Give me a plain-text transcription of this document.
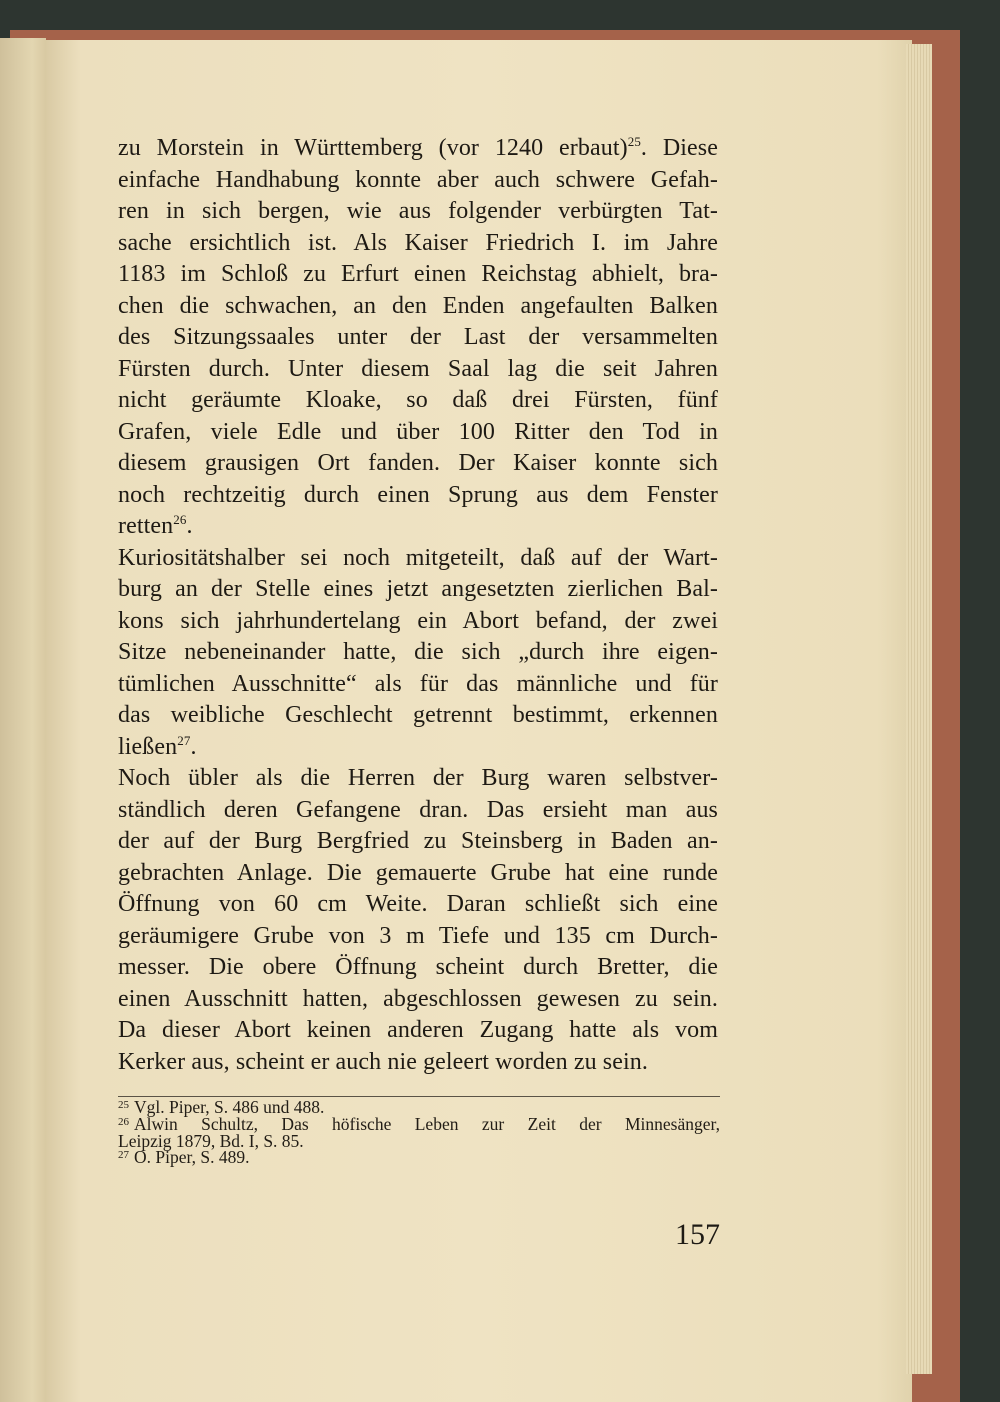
zu Morstein in Württemberg (vor 1240 erbaut)$^{25}$. Diese
einfache Handhabung konnte aber auch schwere Gefah-
ren in sich bergen, wie aus folgender verbürgten Tat-
sache ersichtlich ist. Als Kaiser Friedrich I. im Jahre
1183 im Schloß zu Erfurt einen Reichstag abhielt, bra-
chen die schwachen, an den Enden angefaulten Balken
des Sitzungssaales unter der Last der versammelten
Fürsten durch. Unter diesem Saal lag die seit Jahren
nicht geräumte Kloake, so daß drei Fürsten, fünf
Grafen, viele Edle und über 100 Ritter den Tod in
diesem grausigen Ort fanden. Der Kaiser konnte sich
noch rechtzeitig durch einen Sprung aus dem Fenster
retten$^{26}$.
Kuriositätshalber sei noch mitgeteilt, daß auf der Wart-
burg an der Stelle eines jetzt angesetzten zierlichen Bal-
kons sich jahrhundertelang ein Abort befand, der zwei
Sitze nebeneinander hatte, die sich „durch ihre eigen-
tümlichen Ausschnitte“ als für das männliche und für
das weibliche Geschlecht getrennt bestimmt, erkennen
ließen$^{27}$.
Noch übler als die Herren der Burg waren selbstver-
ständlich deren Gefangene dran. Das ersieht man aus
der auf der Burg Bergfried zu Steinsberg in Baden an-
gebrachten Anlage. Die gemauerte Grube hat eine runde
Öffnung von 60 cm Weite. Daran schließt sich eine
geräumigere Grube von 3 m Tiefe und 135 cm Durch-
messer. Die obere Öffnung scheint durch Bretter, die
einen Ausschnitt hatten, abgeschlossen gewesen zu sein.
Da dieser Abort keinen anderen Zugang hatte als vom
Kerker aus, scheint er auch nie geleert worden zu sein.
$^{25}$ Vgl. Piper, S. 486 und 488.
$^{26}$ Alwin Schultz, Das höfische Leben zur Zeit der Minnesänger,
Leipzig 1879, Bd. I, S. 85.
$^{27}$ O. Piper, S. 489.
157
